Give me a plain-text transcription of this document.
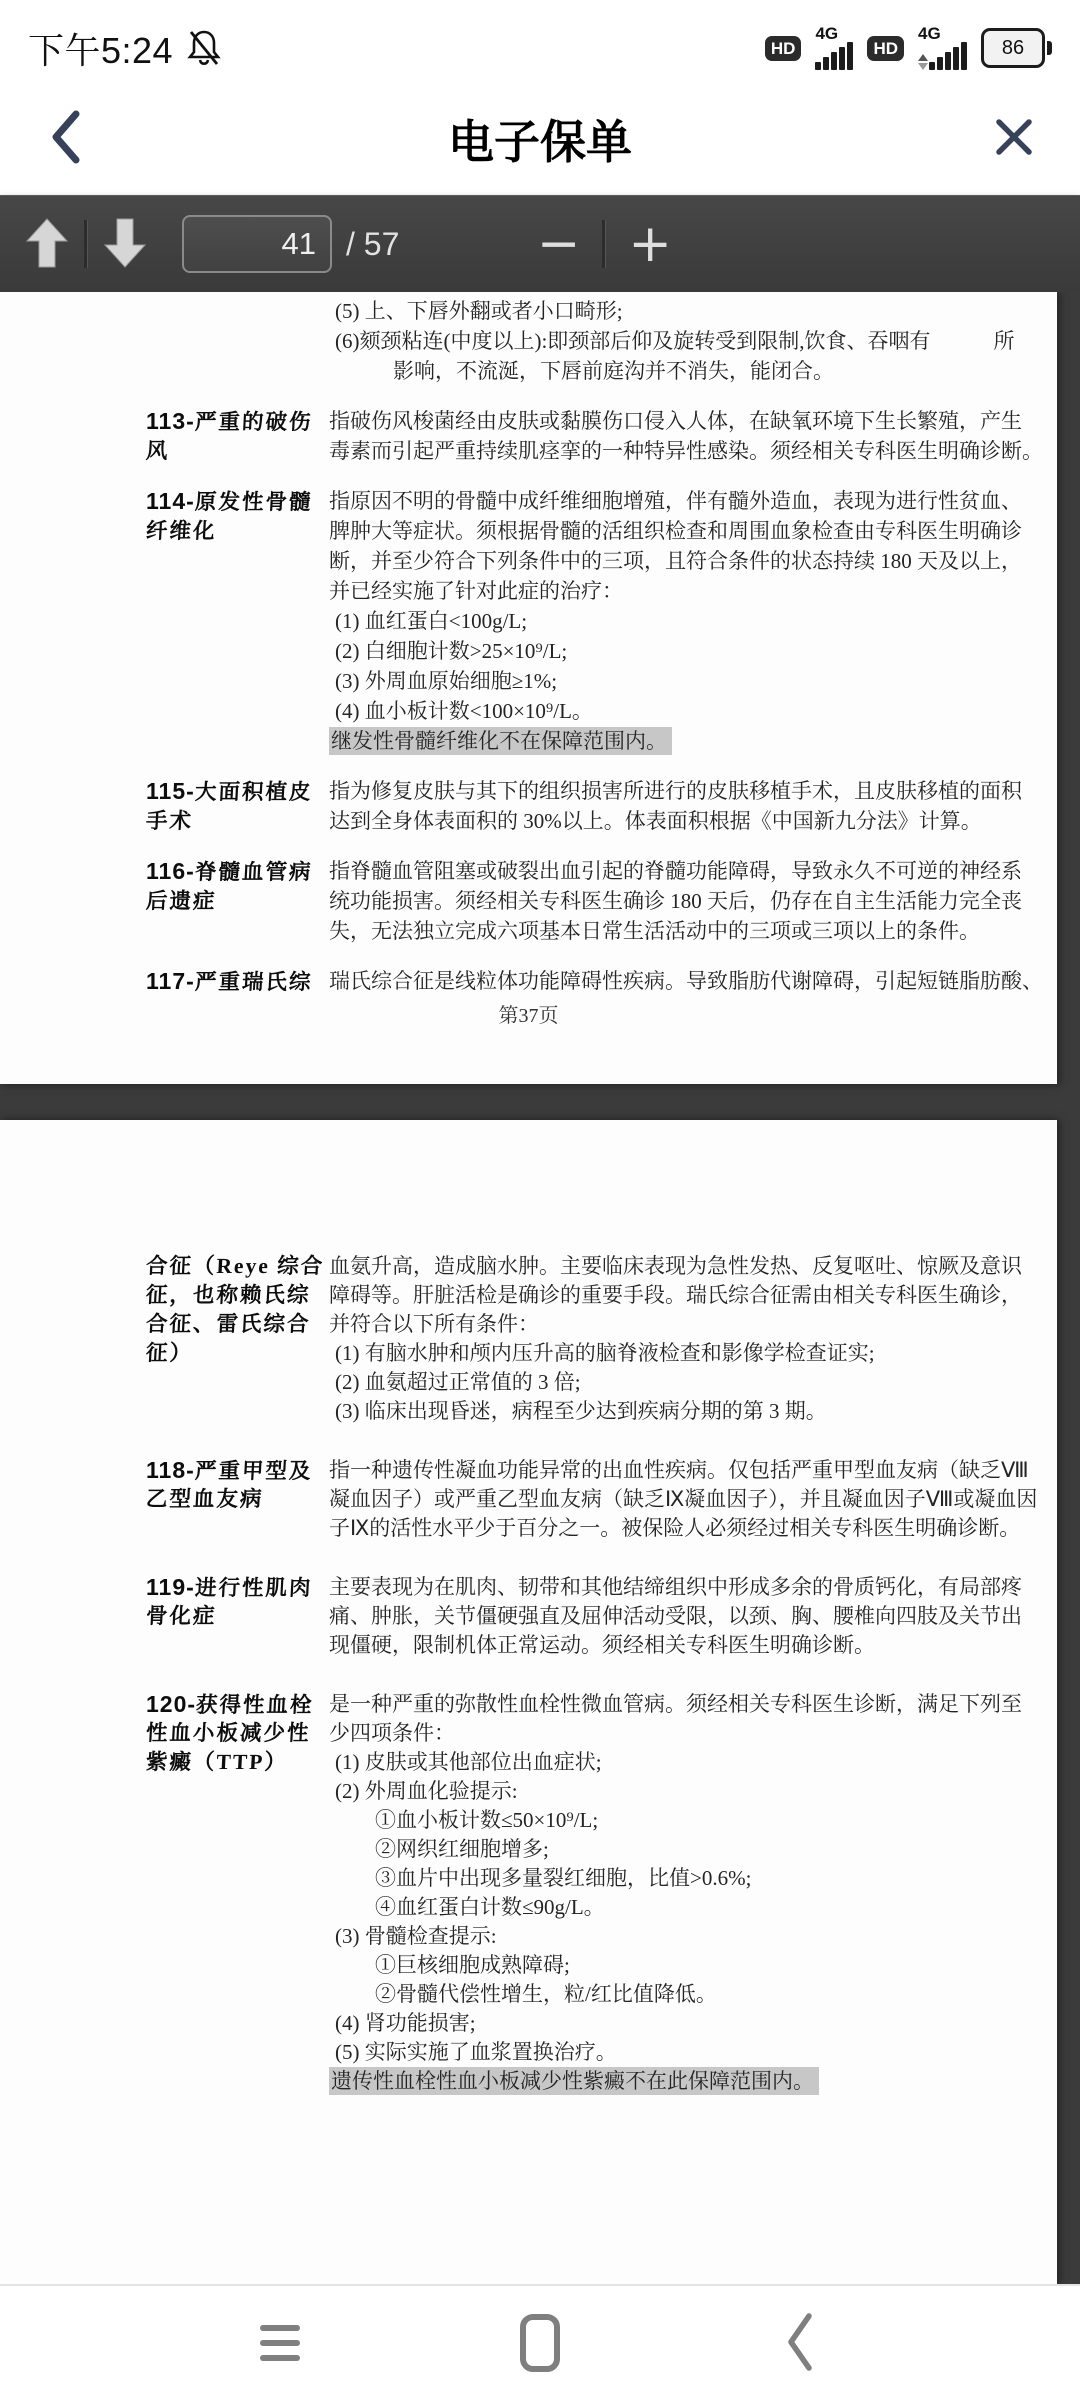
下午5:24	HD
4G
HD
4G
86
电子保单
41
/ 57	− +
(5) 上、下唇外翻或者小口畸形;
(6)颏颈粘连(中度以上):即颈部后仰及旋转受到限制,饮食、吞咽有　　　所
影响，不流涎，下唇前庭沟并不消失，能闭合。
113-严重的破伤
风
指破伤风梭菌经由皮肤或黏膜伤口侵入人体，在缺氧环境下生长繁殖，产生
毒素而引起严重持续肌痉挛的一种特异性感染。须经相关专科医生明确诊断。
114-原发性骨髓
纤维化
指原因不明的骨髓中成纤维细胞增殖，伴有髓外造血，表现为进行性贫血、
脾肿大等症状。须根据骨髓的活组织检查和周围血象检查由专科医生明确诊
断，并至少符合下列条件中的三项，且符合条件的状态持续 180 天及以上，
并已经实施了针对此症的治疗：
(1) 血红蛋白<100g/L;
(2) 白细胞计数>25×10⁹/L;
(3) 外周血原始细胞≥1%;
(4) 血小板计数<100×10⁹/L。
继发性骨髓纤维化不在保障范围内。
115-大面积植皮
手术
指为修复皮肤与其下的组织损害所进行的皮肤移植手术，且皮肤移植的面积
达到全身体表面积的 30%以上。体表面积根据《中国新九分法》计算。
116-脊髓血管病
后遗症
指脊髓血管阻塞或破裂出血引起的脊髓功能障碍，导致永久不可逆的神经系
统功能损害。须经相关专科医生确诊 180 天后，仍存在自主生活能力完全丧
失，无法独立完成六项基本日常生活活动中的三项或三项以上的条件。
117-严重瑞氏综 瑞氏综合征是线粒体功能障碍性疾病。导致脂肪代谢障碍，引起短链脂肪酸、
第37页
合征（Reye 综合
征，也称赖氏综
合征、雷氏综合
征）
血氨升高，造成脑水肿。主要临床表现为急性发热、反复呕吐、惊厥及意识
障碍等。肝脏活检是确诊的重要手段。瑞氏综合征需由相关专科医生确诊，
并符合以下所有条件：
(1) 有脑水肿和颅内压升高的脑脊液检查和影像学检查证实;
(2) 血氨超过正常值的 3 倍;
(3) 临床出现昏迷，病程至少达到疾病分期的第 3 期。
118-严重甲型及
乙型血友病
指一种遗传性凝血功能异常的出血性疾病。仅包括严重甲型血友病（缺乏Ⅷ
凝血因子）或严重乙型血友病（缺乏Ⅸ凝血因子），并且凝血因子Ⅷ或凝血因
子Ⅸ的活性水平少于百分之一。被保险人必须经过相关专科医生明确诊断。
119-进行性肌肉
骨化症
主要表现为在肌肉、韧带和其他结缔组织中形成多余的骨质钙化，有局部疼
痛、肿胀，关节僵硬强直及屈伸活动受限，以颈、胸、腰椎向四肢及关节出
现僵硬，限制机体正常运动。须经相关专科医生明确诊断。
120-获得性血栓
性血小板减少性
紫癜（TTP）
是一种严重的弥散性血栓性微血管病。须经相关专科医生诊断，满足下列至
少四项条件：
(1) 皮肤或其他部位出血症状;
(2) 外周血化验提示:
①血小板计数≤50×10⁹/L;
②网织红细胞增多;
③血片中出现多量裂红细胞，比值>0.6%;
④血红蛋白计数≤90g/L。
(3) 骨髓检查提示:
①巨核细胞成熟障碍;
②骨髓代偿性增生，粒/红比值降低。
(4) 肾功能损害;
(5) 实际实施了血浆置换治疗。
遗传性血栓性血小板减少性紫癜不在此保障范围内。
